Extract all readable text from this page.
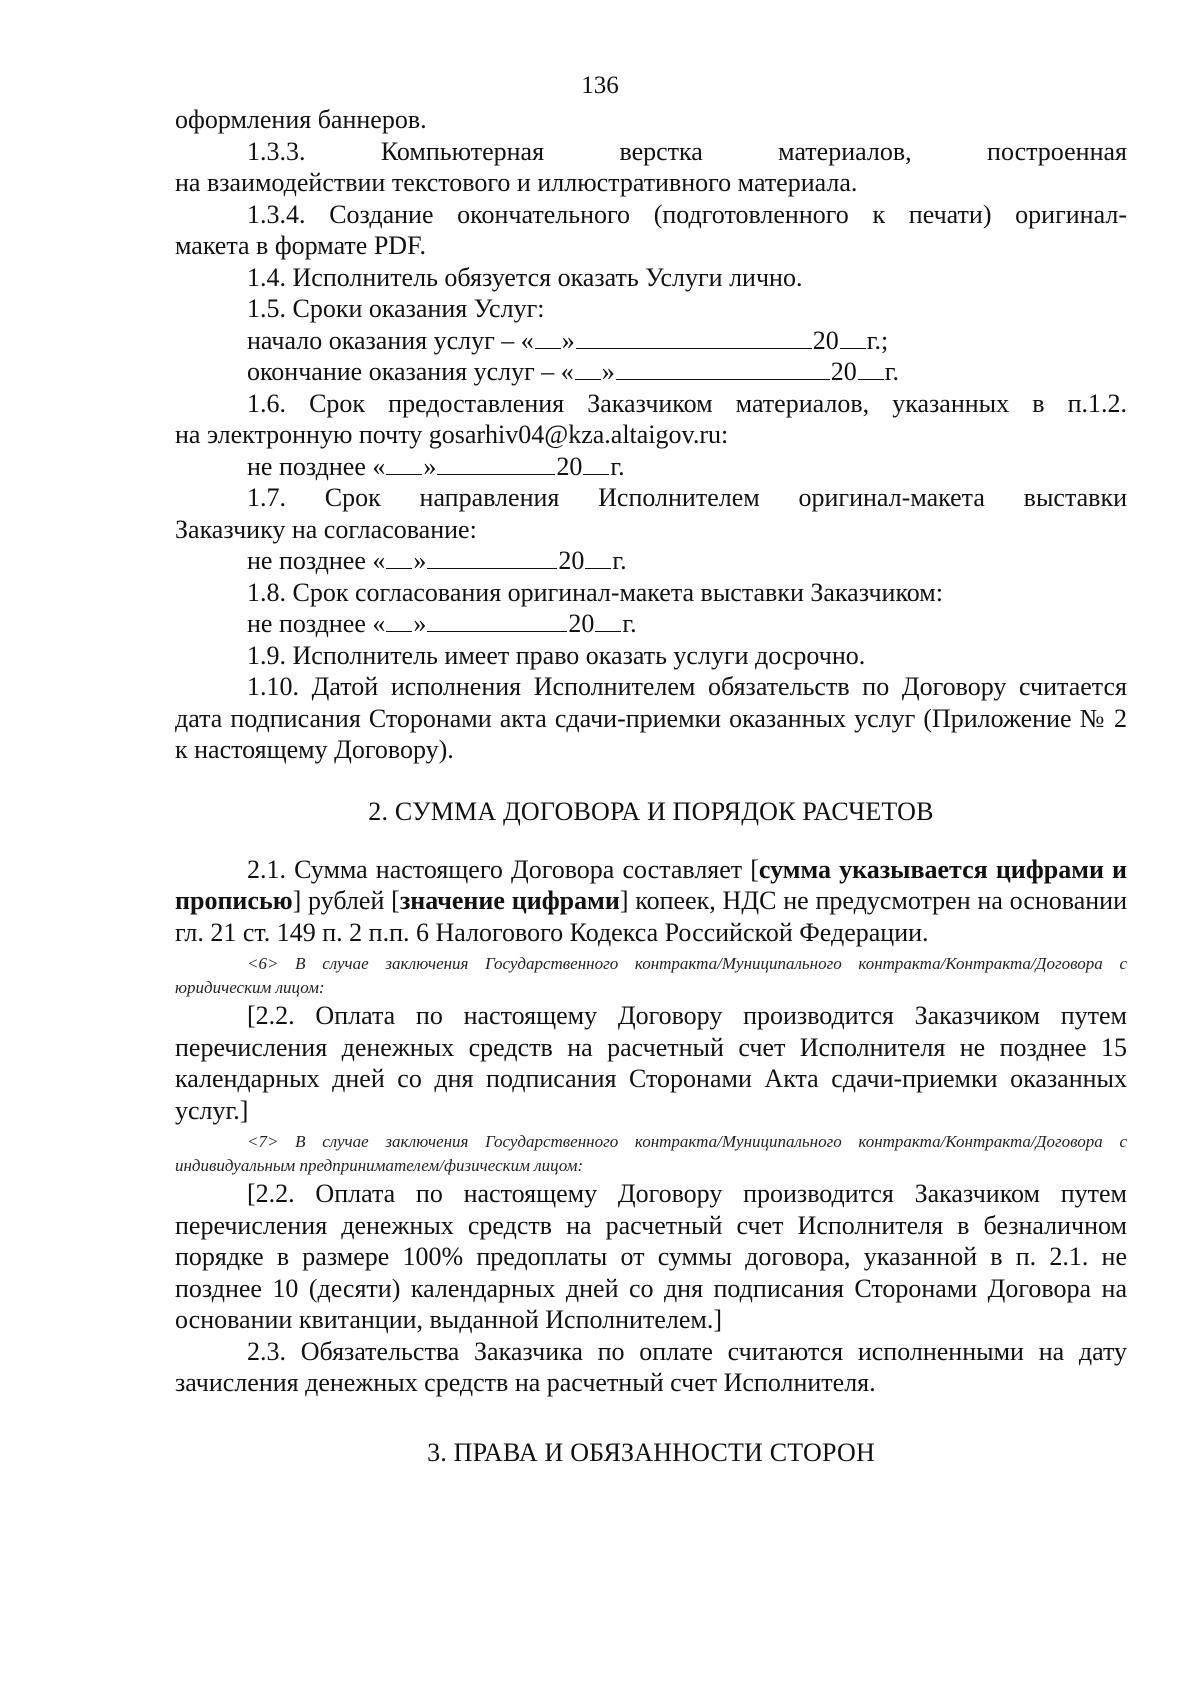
136

оформления баннеров.

1.3.3. Компьютерная верстка материалов, построенная

на взаимодействии текстового и иллюстративного материала.

1.3.4. Создание окончательного (подготовленного к печати) оригинал-

макета в формате PDF.

1.4. Исполнитель обязуется оказать Услуги лично.

1.5. Сроки оказания Услуг:

начало оказания услуг – « »	20 г.;

окончание оказания услуг – « »	20 г.

1.6. Срок предоставления Заказчиком материалов, указанных в п.1.2.

на электронную почту gosarhiv04@kza.altaigov.ru:

не позднее « »	20 г.

1.7. Срок направления Исполнителем оригинал-макета выставки

Заказчику на согласование:

не позднее « »	20 г.

1.8. Срок согласования оригинал-макета выставки Заказчиком:

не позднее « »	20 г.

1.9. Исполнитель имеет право оказать услуги досрочно.

1.10. Датой исполнения Исполнителем обязательств по Договору считается дата подписания Сторонами акта сдачи-приемки оказанных услуг (Приложение № 2 к настоящему Договору).

2. СУММА ДОГОВОРА И ПОРЯДОК РАСЧЕТОВ

2.1. Сумма настоящего Договора составляет [сумма указывается цифрами и прописью] рублей [значение цифрами] копеек, НДС не предусмотрен на основании гл. 21 ст. 149 п. 2 п.п. 6 Налогового Кодекса Российской Федерации.

<6> В случае заключения Государственного контракта/Муниципального контракта/Контракта/Договора с юридическим лицом:

[2.2. Оплата по настоящему Договору производится Заказчиком путем перечисления денежных средств на расчетный счет Исполнителя не позднее 15 календарных дней со дня подписания Сторонами Акта сдачи-приемки оказанных услуг.]

<7> В случае заключения Государственного контракта/Муниципального контракта/Контракта/Договора с индивидуальным предпринимателем/физическим лицом:

[2.2. Оплата по настоящему Договору производится Заказчиком путем перечисления денежных средств на расчетный счет Исполнителя в безналичном порядке в размере 100% предоплаты от суммы договора, указанной в п. 2.1. не позднее 10 (десяти) календарных дней со дня подписания Сторонами Договора на основании квитанции, выданной Исполнителем.]

2.3. Обязательства Заказчика по оплате считаются исполненными на дату зачисления денежных средств на расчетный счет Исполнителя.

3. ПРАВА И ОБЯЗАННОСТИ СТОРОН
